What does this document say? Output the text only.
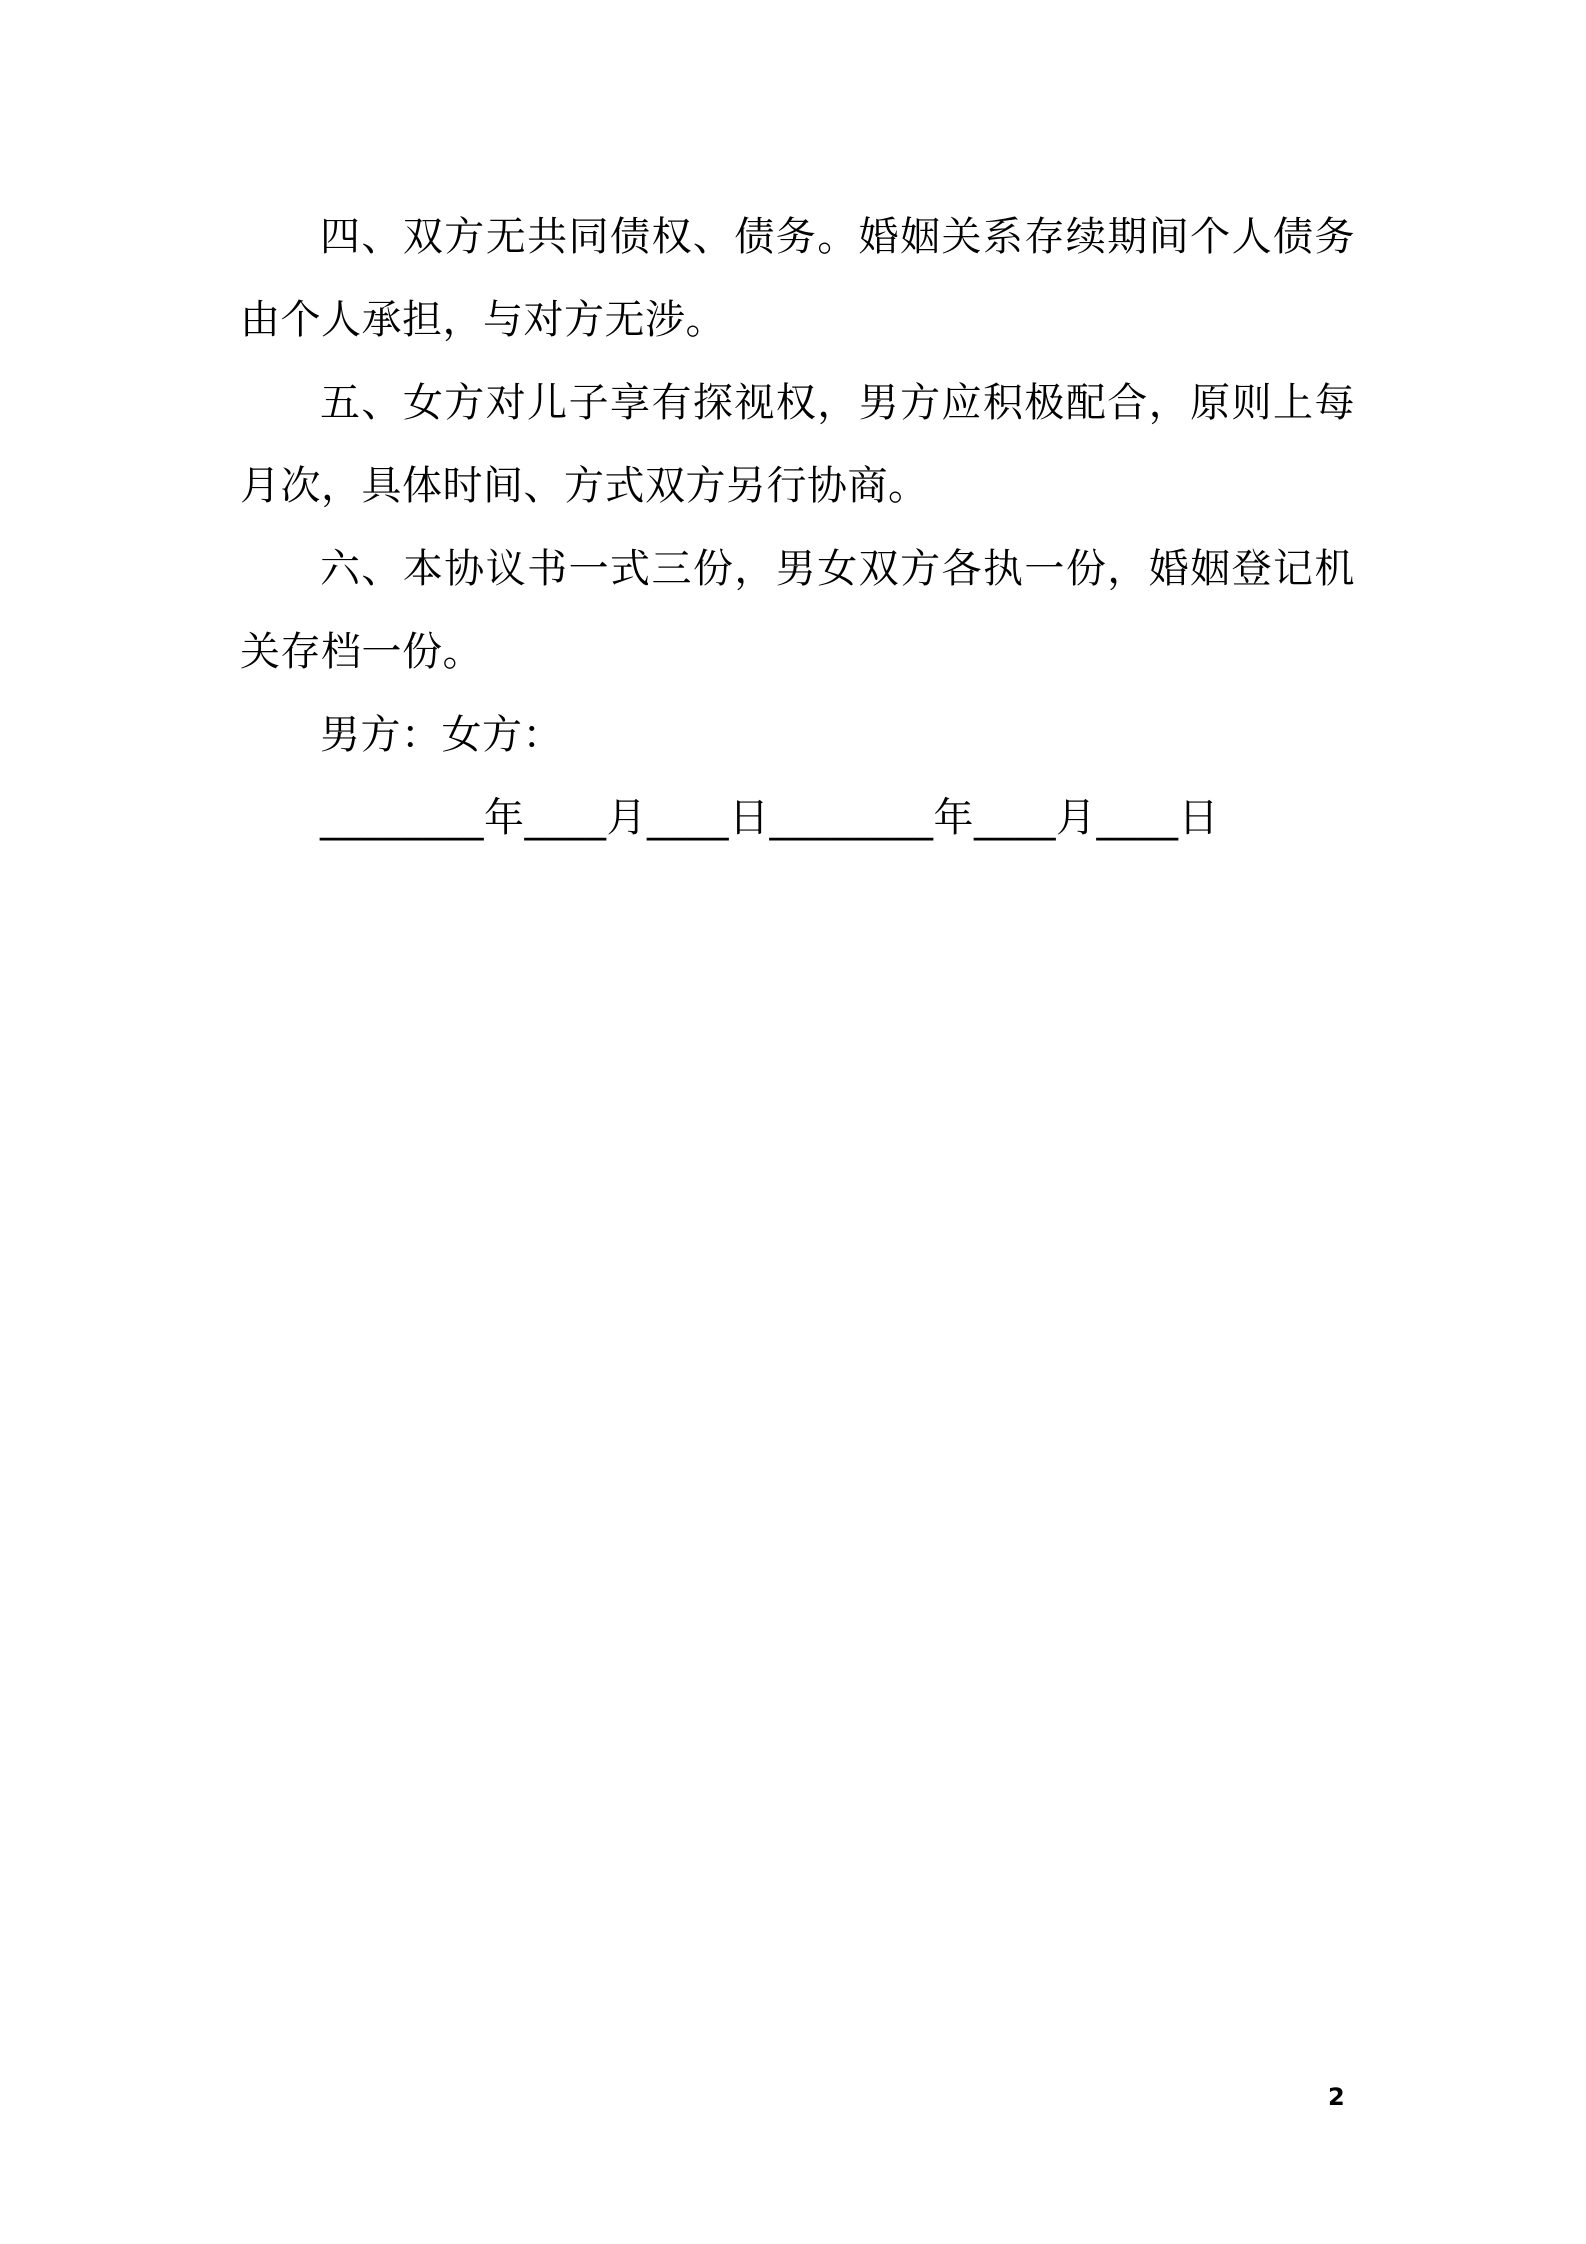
四、双方无共同债权、债务。婚姻关系存续期间个人债务由个人承担，与对方无涉。

五、女方对儿子享有探视权，男方应积极配合，原则上每月次，具体时间、方式双方另行协商。

六、本协议书一式三份，男女双方各执一份，婚姻登记机关存档一份。

男方：女方：

________年____月____日________年____月____日

2
